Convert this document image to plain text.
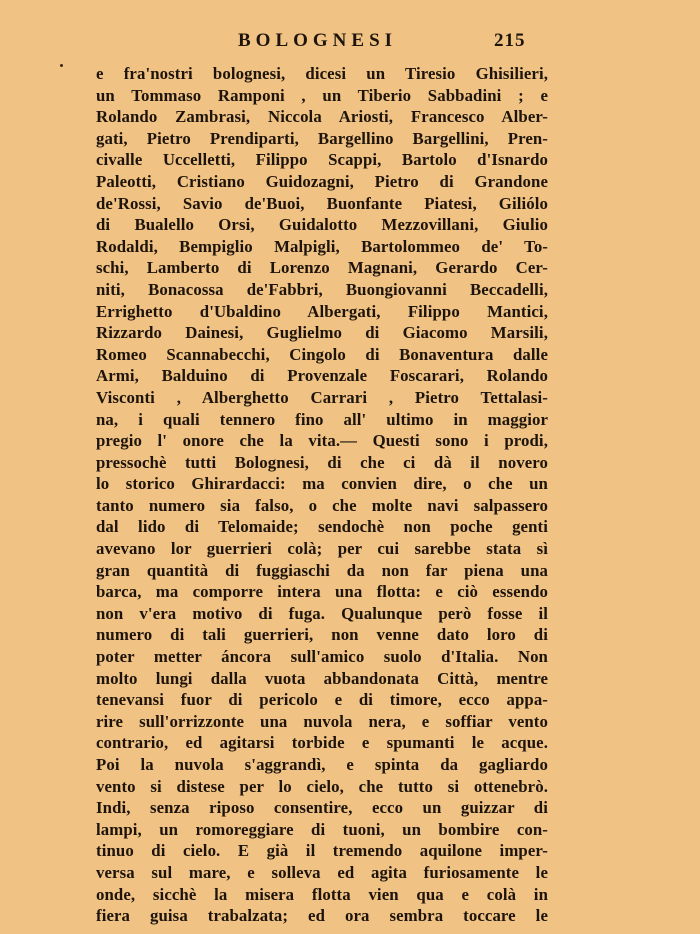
BOLOGNESI	215
e fra'nostri bolognesi, dicesi un Tiresio Ghisilieri,
un Tommaso Ramponi , un Tiberio Sabbadini ; e
Rolando Zambrasi, Niccola Ariosti, Francesco Alber-
gati, Pietro Prendiparti, Bargellino Bargellini, Pren-
civalle Uccelletti, Filippo Scappi, Bartolo d'Isnardo
Paleotti, Cristiano Guidozagni, Pietro di Grandone
de'Rossi, Savio de'Buoi, Buonfante Piatesi, Giliólo
di Bualello Orsi, Guidalotto Mezzovillani, Giulio
Rodaldi, Bempiglio Malpigli, Bartolommeo de' To-
schi, Lamberto di Lorenzo Magnani, Gerardo Cer-
niti, Bonacossa de'Fabbri, Buongiovanni Beccadelli,
Errighetto d'Ubaldino Albergati, Filippo Mantici,
Rizzardo Dainesi, Guglielmo di Giacomo Marsili,
Romeo Scannabecchi, Cingolo di Bonaventura dalle
Armi, Balduino di Provenzale Foscarari, Rolando
Visconti , Alberghetto Carrari , Pietro Tettalasi-
na, i quali tennero fino all' ultimo in maggior
pregio l' onore che la vita.— Questi sono i prodi,
pressochè tutti Bolognesi, di che ci dà il novero
lo storico Ghirardacci: ma convien dire, o che un
tanto numero sia falso, o che molte navi salpassero
dal lido di Telomaide; sendochè non poche genti
avevano lor guerrieri colà; per cui sarebbe stata sì
gran quantità di fuggiaschi da non far piena una
barca, ma comporre intera una flotta: e ciò essendo
non v'era motivo di fuga. Qualunque però fosse il
numero di tali guerrieri, non venne dato loro di
poter metter áncora sull'amico suolo d'Italia. Non
molto lungi dalla vuota abbandonata Città, mentre
tenevansi fuor di pericolo e di timore, ecco appa-
rire sull'orrizzonte una nuvola nera, e soffiar vento
contrario, ed agitarsi torbide e spumanti le acque.
Poi la nuvola s'aggrandì, e spinta da gagliardo
vento si distese per lo cielo, che tutto si ottenebrò.
Indi, senza riposo consentire, ecco un guizzar di
lampi, un romoreggiare di tuoni, un bombire con-
tinuo di cielo. E già il tremendo aquilone imper-
versa sul mare, e solleva ed agita furiosamente le
onde, sicchè la misera flotta vien qua e colà in
fiera guisa trabalzata; ed ora sembra toccare le
